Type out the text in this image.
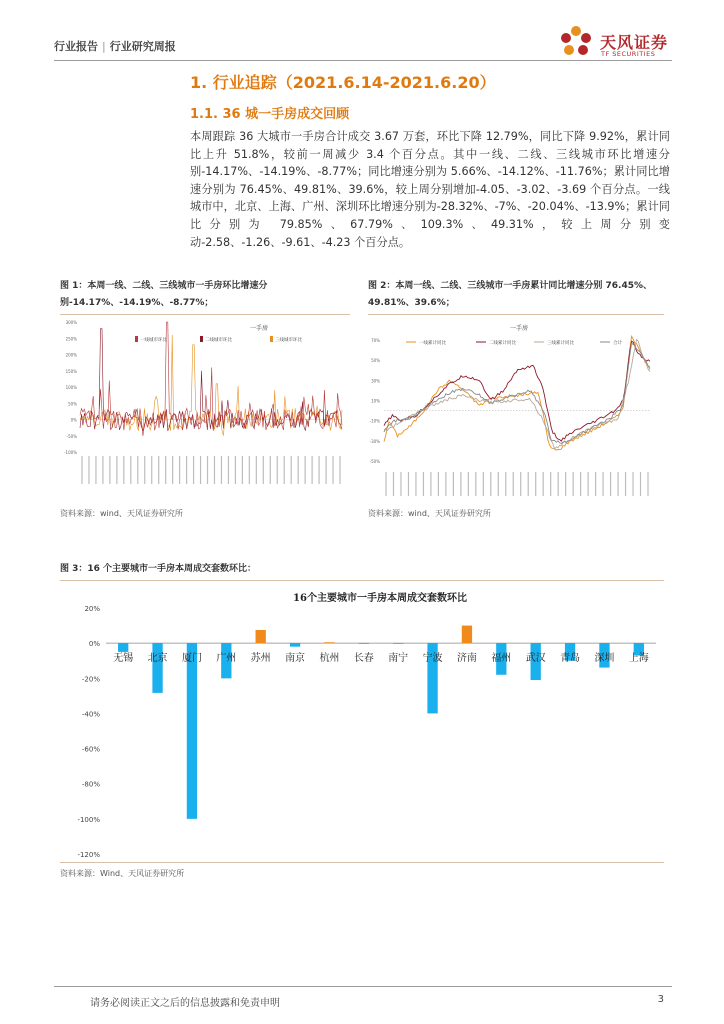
行业报告 | 行业研究周报	天风证券
TF SECURITIES
1. 行业追踪（2021.6.14-2021.6.20）
1.1. 36 城一手房成交回顾
本周跟踪 36 大城市一手房合计成交 3.67 万套，环比下降 12.79%，同比下降 9.92%，累计同比上升 51.8%，较前一周减少 3.4 个百分点。其中一线、二线、三线城市环比增速分别-14.17%、-14.19%、-8.77%；同比增速分别为 5.66%、-14.12%、-11.76%；累计同比增速分别为 76.45%、49.81%、39.6%，较上周分别增加-4.05、-3.02、-3.69 个百分点。一线城市中，北京、上海、广州、深圳环比增速分别为-28.32%、-7%、-20.04%、-13.9%；累计同比分别为 79.85%、67.79%、109.3%、49.31%，较上周分别变动-2.58、-1.26、-9.61、-4.23 个百分点。
图 1：本周一线、二线、三线城市一手房环比增速分别-14.17%、-14.19%、-8.77%；
一手房
一线城市环比	二线城市环比	三线城市环比
300%
250%
200%
150%
100%
50%
0%
-50%
-100%
资料来源：wind、天风证券研究所
图 2：本周一线、二线、三线城市一手房累计同比增速分别 76.45%、49.81%、39.6%；
一手房
一线累计同比	二线累计同比	三线累计同比	合计
70%
50%
30%
10%
-10%
-30%
-50%
资料来源：wind、天风证券研究所
图 3：16 个主要城市一手房本周成交套数环比：
16个主要城市一手房本周成交套数环比
20%
0%
-20%
-40%
-60%
-80%
-100%
-120%
无锡 北京 厦门 广州 苏州 南京 杭州 长春 南宁 宁波 济南 福州 武汉 青岛 深圳 上海
资料来源：Wind、天风证券研究所
请务必阅读正文之后的信息披露和免责申明	3
